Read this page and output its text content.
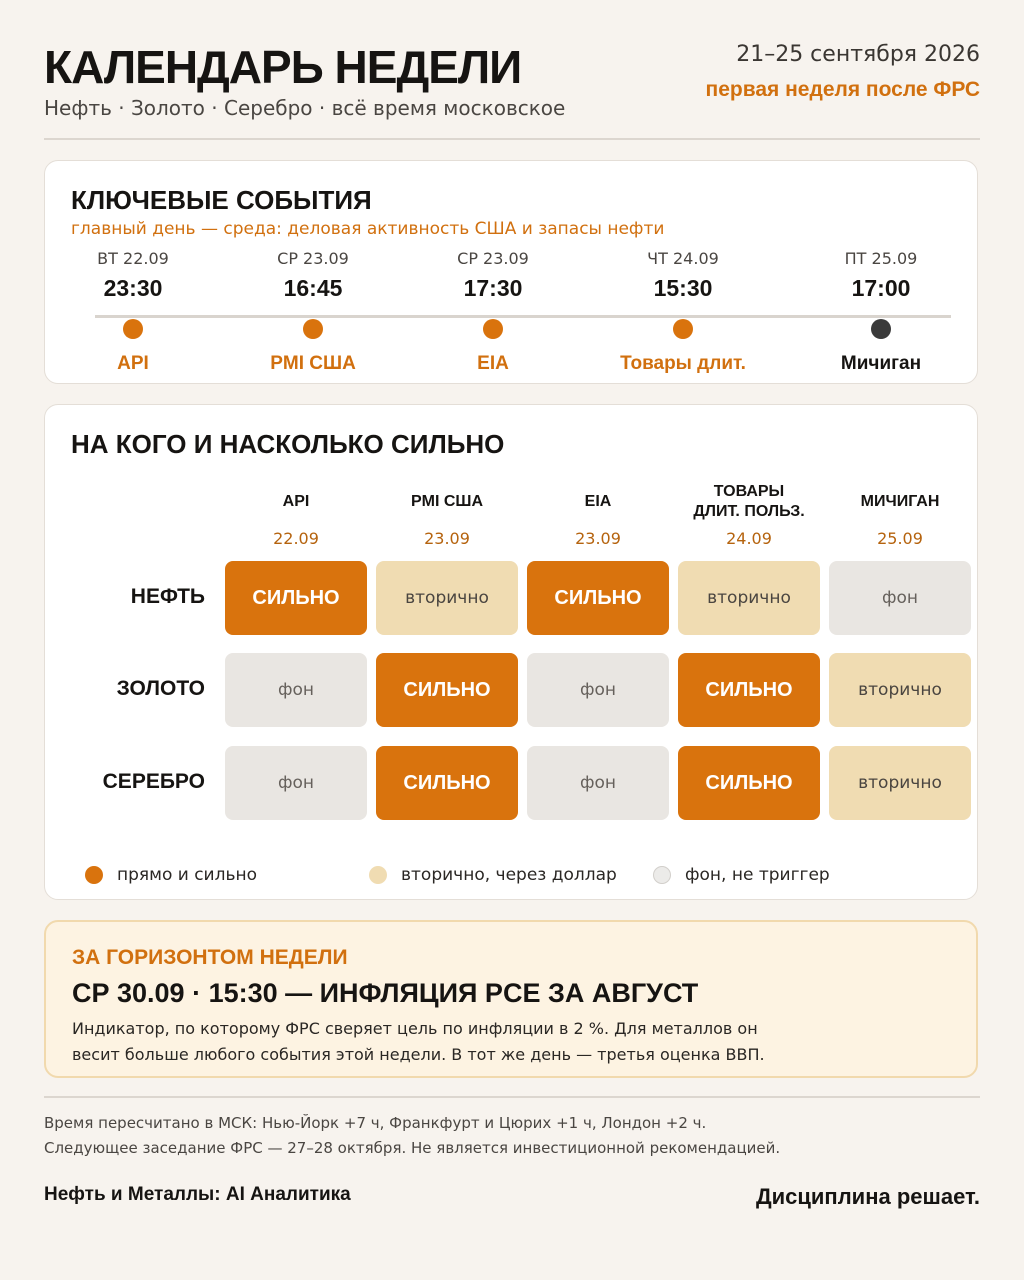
КАЛЕНДАРЬ НЕДЕЛИ
Нефть · Золото · Серебро · всё время московское
21–25 сентября 2026
первая неделя после ФРС
КЛЮЧЕВЫЕ СОБЫТИЯ
главный день — среда: деловая активность США и запасы нефти
ВТ 22.09
23:30
API
СР 23.09
16:45
PMI США
СР 23.09
17:30
EIA
ЧТ 24.09
15:30
Товары длит.
ПТ 25.09
17:00
Мичиган
НА КОГО И НАСКОЛЬКО СИЛЬНО
API
22.09
PMI США
23.09
EIA
23.09
ТОВАРЫ
ДЛИТ. ПОЛЬЗ.
24.09
МИЧИГАН
25.09
НЕФТЬ	СИЛЬНО	вторично	СИЛЬНО	вторично	фон
ЗОЛОТО	фон	СИЛЬНО	фон	СИЛЬНО	вторично
СЕРЕБРО	фон	СИЛЬНО	фон	СИЛЬНО	вторично
прямо и сильно	вторично, через доллар	фон, не триггер
ЗА ГОРИЗОНТОМ НЕДЕЛИ
СР 30.09 · 15:30 — ИНФЛЯЦИЯ PCE ЗА АВГУСТ
Индикатор, по которому ФРС сверяет цель по инфляции в 2 %. Для металлов он весит больше любого события этой недели. В тот же день — третья оценка ВВП.
Время пересчитано в МСК: Нью-Йорк +7 ч, Франкфурт и Цюрих +1 ч, Лондон +2 ч.
Следующее заседание ФРС — 27–28 октября. Не является инвестиционной рекомендацией.
Нефть и Металлы: AI Аналитика	Дисциплина решает.
